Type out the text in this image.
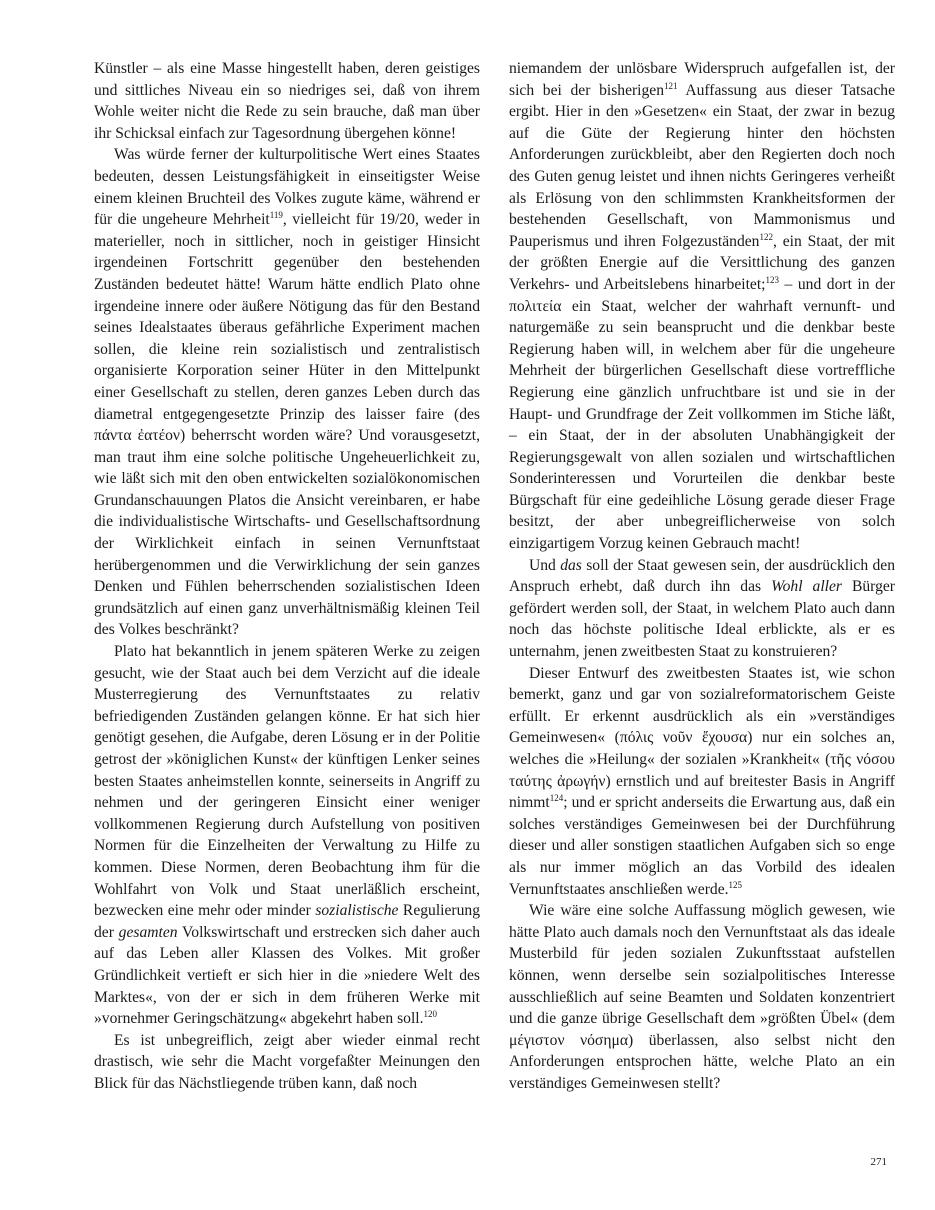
Künstler – als eine Masse hingestellt haben, deren geistiges und sittliches Niveau ein so niedriges sei, daß von ihrem Wohle weiter nicht die Rede zu sein brauche, daß man über ihr Schicksal einfach zur Tagesordnung übergehen könne!

Was würde ferner der kulturpolitische Wert eines Staates bedeuten, dessen Leistungsfähigkeit in einseitigster Weise einem kleinen Bruchteil des Volkes zugute käme, während er für die ungeheure Mehrheit$^{119}$, vielleicht für 19/20, weder in materieller, noch in sittlicher, noch in geistiger Hinsicht irgendeinen Fortschritt gegenüber den bestehenden Zuständen bedeutet hätte! Warum hätte endlich Plato ohne irgendeine innere oder äußere Nötigung das für den Bestand seines Idealstaates überaus gefährliche Experiment machen sollen, die kleine rein sozialistisch und zentralistisch organisierte Korporation seiner Hüter in den Mittelpunkt einer Gesellschaft zu stellen, deren ganzes Leben durch das diametral entgegengesetzte Prinzip des laisser faire (des πάντα ἐατέον) beherrscht worden wäre? Und vorausgesetzt, man traut ihm eine solche politische Ungeheuerlichkeit zu, wie läßt sich mit den oben entwickelten sozialökonomischen Grundanschauungen Platos die Ansicht vereinbaren, er habe die individualistische Wirtschafts- und Gesellschaftsordnung der Wirklichkeit einfach in seinen Vernunftstaat herübergenommen und die Verwirklichung der sein ganzes Denken und Fühlen beherrschenden sozialistischen Ideen grundsätzlich auf einen ganz unverhältnismäßig kleinen Teil des Volkes beschränkt?

Plato hat bekanntlich in jenem späteren Werke zu zeigen gesucht, wie der Staat auch bei dem Verzicht auf die ideale Musterregierung des Vernunftstaates zu relativ befriedigenden Zuständen gelangen könne. Er hat sich hier genötigt gesehen, die Aufgabe, deren Lösung er in der Politie getrost der »königlichen Kunst« der künftigen Lenker seines besten Staates anheimstellen konnte, seinerseits in Angriff zu nehmen und der geringeren Einsicht einer weniger vollkommenen Regierung durch Aufstellung von positiven Normen für die Einzelheiten der Verwaltung zu Hilfe zu kommen. Diese Normen, deren Beobachtung ihm für die Wohlfahrt von Volk und Staat unerläßlich erscheint, bezwecken eine mehr oder minder sozialistische Regulierung der gesamten Volkswirtschaft und erstrecken sich daher auch auf das Leben aller Klassen des Volkes. Mit großer Gründlichkeit vertieft er sich hier in die »niedere Welt des Marktes«, von der er sich in dem früheren Werke mit »vornehmer Geringschätzung« abgekehrt haben soll.$^{120}$

Es ist unbegreiflich, zeigt aber wieder einmal recht drastisch, wie sehr die Macht vorgefaßter Meinungen den Blick für das Nächstliegende trüben kann, daß noch

niemandem der unlösbare Widerspruch aufgefallen ist, der sich bei der bisherigen$^{121}$ Auffassung aus dieser Tatsache ergibt. Hier in den »Gesetzen« ein Staat, der zwar in bezug auf die Güte der Regierung hinter den höchsten Anforderungen zurückbleibt, aber den Regierten doch noch des Guten genug leistet und ihnen nichts Geringeres verheißt als Erlösung von den schlimmsten Krankheitsformen der bestehenden Gesellschaft, von Mammonismus und Pauperismus und ihren Folgezuständen$^{122}$, ein Staat, der mit der größten Energie auf die Versittlichung des ganzen Verkehrs- und Arbeitslebens hinarbeitet;$^{123}$ – und dort in der πολιτεία ein Staat, welcher der wahrhaft vernunft- und naturgemäße zu sein beansprucht und die denkbar beste Regierung haben will, in welchem aber für die ungeheure Mehrheit der bürgerlichen Gesellschaft diese vortreffliche Regierung eine gänzlich unfruchtbare ist und sie in der Haupt- und Grundfrage der Zeit vollkommen im Stiche läßt, – ein Staat, der in der absoluten Unabhängigkeit der Regierungsgewalt von allen sozialen und wirtschaftlichen Sonderinteressen und Vorurteilen die denkbar beste Bürgschaft für eine gedeihliche Lösung gerade dieser Frage besitzt, der aber unbegreiflicherweise von solch einzigartigem Vorzug keinen Gebrauch macht!

Und das soll der Staat gewesen sein, der ausdrücklich den Anspruch erhebt, daß durch ihn das Wohl aller Bürger gefördert werden soll, der Staat, in welchem Plato auch dann noch das höchste politische Ideal erblickte, als er es unternahm, jenen zweitbesten Staat zu konstruieren?

Dieser Entwurf des zweitbesten Staates ist, wie schon bemerkt, ganz und gar von sozialreformatorischem Geiste erfüllt. Er erkennt ausdrücklich als ein »verständiges Gemeinwesen« (πόλις νοῦν ἔχουσα) nur ein solches an, welches die »Heilung« der sozialen »Krankheit« (τῆς νόσου ταύτης ἀρωγήν) ernstlich und auf breitester Basis in Angriff nimmt$^{124}$; und er spricht anderseits die Erwartung aus, daß ein solches verständiges Gemeinwesen bei der Durchführung dieser und aller sonstigen staatlichen Aufgaben sich so enge als nur immer möglich an das Vorbild des idealen Vernunftstaates anschließen werde.$^{125}$

Wie wäre eine solche Auffassung möglich gewesen, wie hätte Plato auch damals noch den Vernunftstaat als das ideale Musterbild für jeden sozialen Zukunftsstaat aufstellen können, wenn derselbe sein sozialpolitisches Interesse ausschließlich auf seine Beamten und Soldaten konzentriert und die ganze übrige Gesellschaft dem »größten Übel« (dem μέγιστον νόσημα) überlassen, also selbst nicht den Anforderungen entsprochen hätte, welche Plato an ein verständiges Gemeinwesen stellt?

271
